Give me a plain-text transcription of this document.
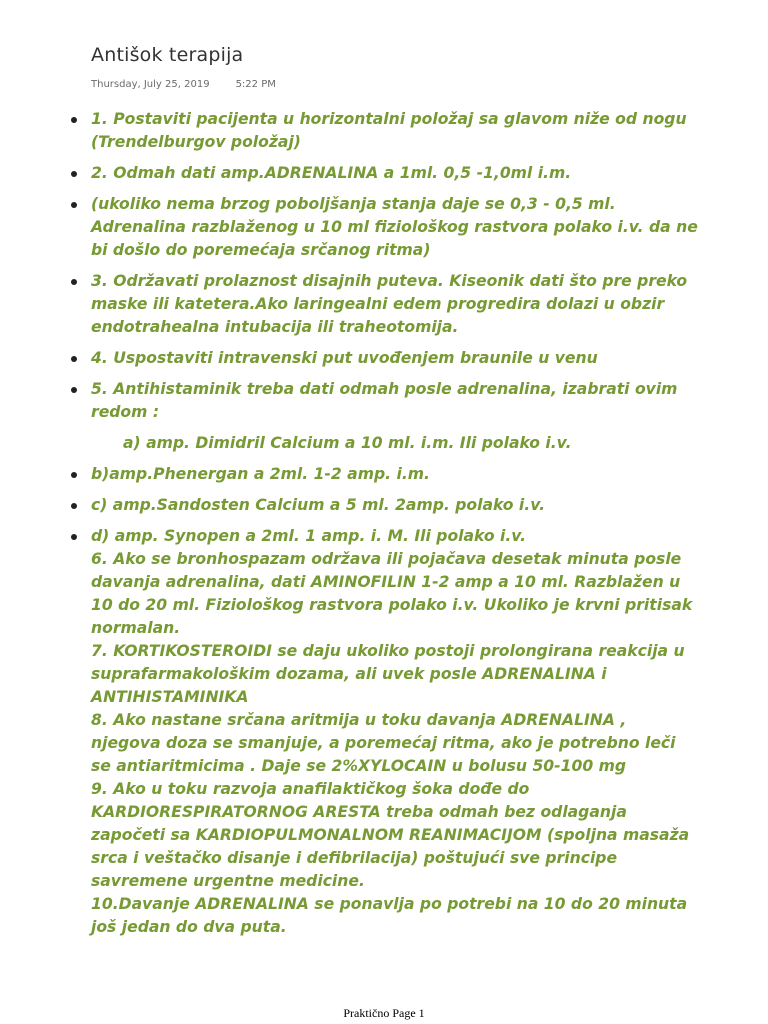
Antišok terapija
Thursday, July 25, 2019	5:22 PM
1. Postaviti pacijenta u horizontalni položaj sa glavom niže od nogu (Trendelburgov položaj)
2. Odmah dati amp.ADRENALINA a 1ml. 0,5 -1,0ml i.m.
(ukoliko nema brzog poboljšanja stanja daje se 0,3 - 0,5 ml. Adrenalina razblaženog u 10 ml fiziološkog rastvora polako i.v. da ne bi došlo do poremećaja srčanog ritma)
3. Održavati prolaznost disajnih puteva. Kiseonik dati što pre preko maske ili katetera.Ako laringealni edem progredira dolazi u obzir endotrahealna intubacija ili traheotomija.
4. Uspostaviti intravenski put uvođenjem braunile u venu
5. Antihistaminik treba dati odmah posle adrenalina, izabrati ovim redom :
a) amp. Dimidril Calcium a 10 ml. i.m. Ili polako i.v.
b)amp.Phenergan a 2ml. 1-2 amp. i.m.
c) amp.Sandosten Calcium a 5 ml. 2amp. polako i.v.
d) amp. Synopen a 2ml. 1 amp. i. M. Ili polako i.v.
6. Ako se bronhospazam održava ili pojačava desetak minuta posle davanja adrenalina, dati AMINOFILIN 1-2 amp a 10 ml. Razblažen u 10 do 20 ml. Fiziološkog rastvora polako i.v. Ukoliko je krvni pritisak normalan.
7. KORTIKOSTEROIDI se daju ukoliko postoji prolongirana reakcija u suprafarmakološkim dozama, ali uvek posle ADRENALINA i ANTIHISTAMINIKA
8. Ako nastane srčana aritmija u toku davanja ADRENALINA , njegova doza se smanjuje, a poremećaj ritma, ako je potrebno leči se antiaritmicima . Daje se 2%XYLOCAIN u bolusu 50-100 mg
9. Ako u toku razvoja anafilaktičkog šoka dođe do KARDIORESPIRATORNOG ARESTA treba odmah bez odlaganja započeti sa KARDIOPULMONALNOM REANIMACIJOM (spoljna masaža srca i veštačko disanje i defibrilacija) poštujući sve principe savremene urgentne medicine.
10.Davanje ADRENALINA se ponavlja po potrebi na 10 do 20 minuta još jedan do dva puta.
Praktično Page 1
